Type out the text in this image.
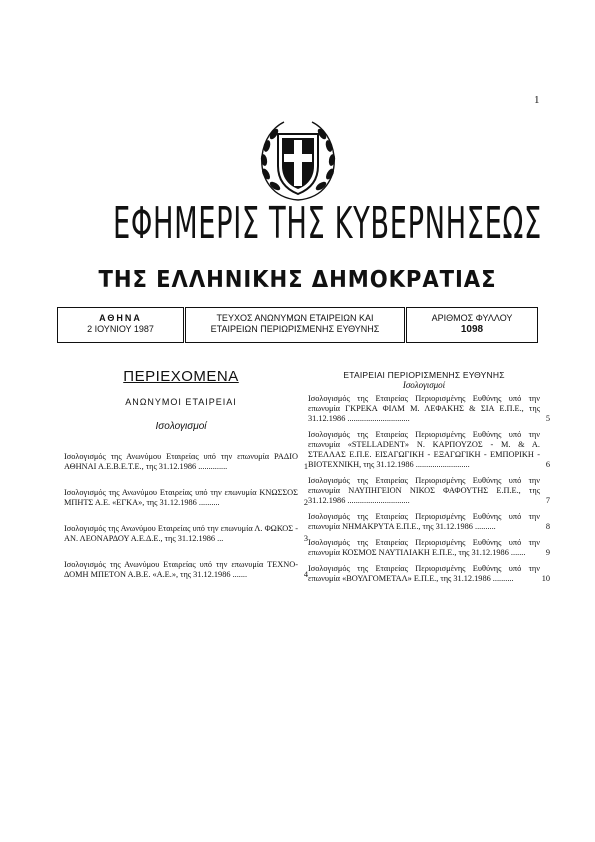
1
ΕΦΗΜΕΡΙΣ ΤΗΣ ΚΥΒΕΡΝΗΣΕΩΣ
ΤΗΣ ΕΛΛΗΝΙΚΗΣ ΔΗΜΟΚΡΑΤΙΑΣ
ΑΘΗΝΑ
2 ΙΟΥΝΙΟΥ 1987
ΤΕΥΧΟΣ ΑΝΩΝΥΜΩΝ ΕΤΑΙΡΕΙΩΝ ΚΑΙ
ΕΤΑΙΡΕΙΩΝ ΠΕΡΙΩΡΙΣΜΕΝΗΣ ΕΥΘΥΝΗΣ
ΑΡΙΘΜΟΣ ΦΥΛΛΟΥ
1098
ΠΕΡΙΕΧΟΜΕΝΑ
ΑΝΩΝΥΜΟΙ ΕΤΑΙΡΕΙΑΙ
Ισολογισμοί
Ισολογισμός της Ανωνύμου Εταιρείας υπό την επωνυμία ΡΑΔΙΟ ΑΘΗΝΑΙ Α.Ε.Β.Ε.Τ.Ε., της 31.12.1986 ..............	1
Ισολογισμός της Ανωνύμου Εταιρείας υπό την επωνυμία ΚΝΩΣΣΟΣ ΜΠΗΤΣ Α.Ε. «ΕΓΚΑ», της 31.12.1986 ..........	2
Ισολογισμός της Ανωνύμου Εταιρείας υπό την επωνυμία Λ. ΦΩΚΟΣ - ΑΝ. ΛΕΟΝΑΡΔΟΥ Α.Ε.Δ.Ε., της 31.12.1986 ...	3
Ισολογισμός της Ανωνύμου Εταιρείας υπό την επωνυμία ΤΕΧΝΟ-ΔΟΜΗ ΜΠΕΤΟΝ Α.Β.Ε. «Α.Ε.», της 31.12.1986 .......	4
ΕΤΑΙΡΕΙΑΙ ΠΕΡΙΟΡΙΣΜΕΝΗΣ ΕΥΘΥΝΗΣ
Ισολογισμοί
Ισολογισμός της Εταιρείας Περιορισμένης Ευθύνης υπό την επωνυμία ΓΚΡΕΚΑ ΦΙΛΜ Μ. ΛΕΦΑΚΗΣ & ΣΙΑ Ε.Π.Ε., της 31.12.1986 ..............................	5
Ισολογισμός της Εταιρείας Περιορισμένης Ευθύνης υπό την επωνυμία «STELLADENT» Ν. ΚΑΡΠΟΥΖΟΣ - Μ. & Α. ΣΤΕΛΛΑΣ Ε.Π.Ε. ΕΙΣΑΓΩΓΙΚΗ - ΕΞΑΓΩΓΙΚΗ - ΕΜΠΟΡΙΚΗ - ΒΙΟΤΕΧΝΙΚΗ, της 31.12.1986 ..........................	6
Ισολογισμός της Εταιρείας Περιορισμένης Ευθύνης υπό την επωνυμία ΝΑΥΠΗΓΕΙΟΝ ΝΙΚΟΣ ΦΑΦΟΥΤΗΣ Ε.Π.Ε., της 31.12.1986 ..............................	7
Ισολογισμός της Εταιρείας Περιορισμένης Ευθύνης υπό την επωνυμία ΝΗΜΑΚΡΥΤΑ Ε.Π.Ε., της 31.12.1986 ..........	8
Ισολογισμός της Εταιρείας Περιορισμένης Ευθύνης υπό την επωνυμία ΚΟΣΜΟΣ ΝΑΥΤΙΛΙΑΚΗ Ε.Π.Ε., της 31.12.1986 ....... 9
Ισολογισμός της Εταιρείας Περιορισμένης Ευθύνης υπό την επωνυμία «ΒΟΥΛΓΟΜΕΤΑΛ» Ε.Π.Ε., της 31.12.1986 ..........	10
